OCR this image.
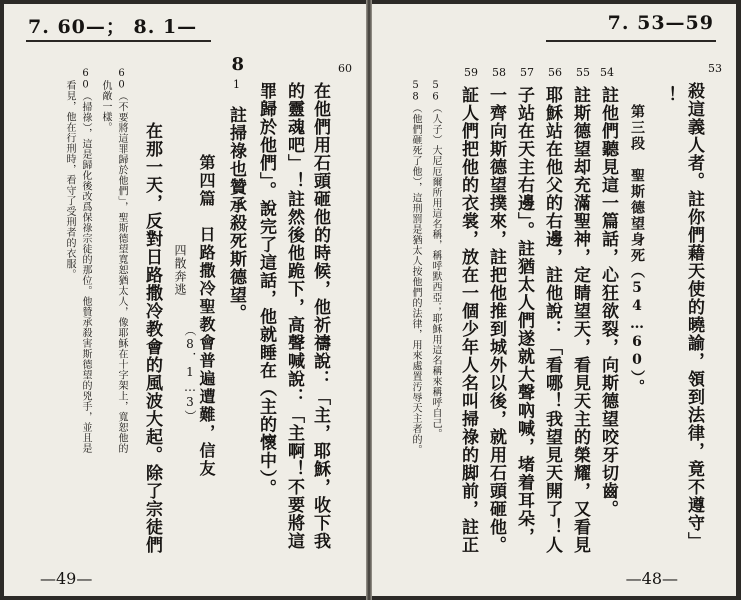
7. 60—； 8. 1—
在他們用石頭砸他的時候，他祈禱說：「主，耶穌，收下我
60
的靈魂吧」！註然後他跪下，高聲喊說：「主啊！不要將這
罪歸於他們」。說完了這話，他就睡在（主的懷中）。
註掃祿也贊承殺死斯德望。
8
1
第四篇　日路撒冷聖教會普遍遭難，信友
四散奔逃
（8．1…3）
在那一天，反對日路撒冷教會的風波大起。除了宗徒們
60（不要將這罪歸於他們」，聖斯德望寬恕猶太人，像耶穌在十字架上，寬恕他的
仇敵一樣。
60（掃祿），這是歸化後改爲保祿宗徒的那位。他贊承殺害斯德望的兇手，並且是
看見，他在行刑時，看守了受刑者的衣服。
—49—
7. 53—59
53
54
55
56
57
58
59
殺這義人者。註你們藉天使的曉諭，領到法律，竟不遵守」
！
第三段　聖斯德望身死（54…60）。
註他們聽見這一篇話，心狂欲裂，向斯德望咬牙切齒。
註斯德望却充滿聖神，定睛望天，看見天主的榮耀，又看見
耶穌站在他父的右邊，註他說：「看哪！我望見天開了！人
子站在天主右邊」。註猶太人們遂就大聲吶喊，堵着耳朵，
一齊向斯德望撲來，註把他推到城外以後，就用石頭砸他。
証人們把他的衣裳，放在一個少年人名叫掃祿的脚前，註正
56（人子）大尼厄爾所用這名稱，稱呼默西亞；耶穌用這名稱來稱呼自己。
58（他們砸死了他），這刑罰是猶太人按他們的法律，用來處置汚辱天主者的。
—48—
